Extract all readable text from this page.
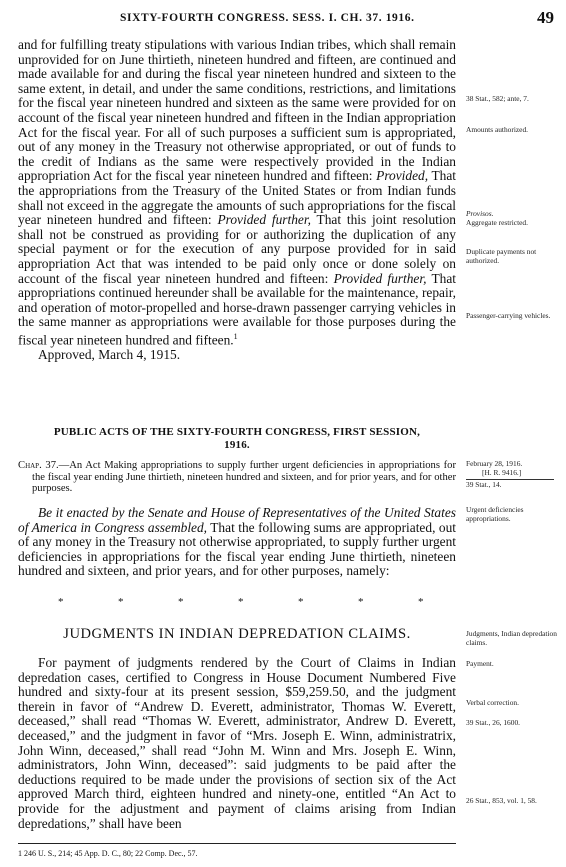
SIXTY-FOURTH CONGRESS. SESS. I. CH. 37. 1916.	49

and for fulfilling treaty stipulations with various Indian tribes, which shall remain unprovided for on June thirtieth, nineteen hundred and fifteen, are continued and made available for and during the fiscal year nineteen hundred and sixteen to the same extent, in detail, and under the same conditions, restrictions, and limitations for the fiscal year nineteen hundred and sixteen as the same were provided for on account of the fiscal year nineteen hundred and fifteen in the Indian appropriation Act for the fiscal year. For all of such purposes a sufficient sum is appropriated, out of any money in the Treasury not otherwise appropriated, or out of funds to the credit of Indians as the same were respectively provided in the Indian appropriation Act for the fiscal year nineteen hundred and fifteen: Provided, That the appropriations from the Treasury of the United States or from Indian funds shall not exceed in the aggregate the amounts of such appropriations for the fiscal year nineteen hundred and fifteen: Provided further, That this joint resolution shall not be construed as providing for or authorizing the duplication of any special payment or for the execution of any purpose provided for in said appropriation Act that was intended to be paid only once or done solely on account of the fiscal year nineteen hundred and fifteen: Provided further, That appropriations continued hereunder shall be available for the maintenance, repair, and operation of motor-propelled and horse-drawn passenger carrying vehicles in the same manner as appropriations were available for those purposes during the fiscal year nineteen hundred and fifteen.$^1$

Approved, March 4, 1915.

38 Stat., 582; ante, 7.
Amounts authorized.
Provisos.
Aggregate restricted.
Duplicate payments not authorized.
Passenger-carrying vehicles.
PUBLIC ACTS OF THE SIXTY-FOURTH CONGRESS, FIRST SESSION,
1916.
Chap. 37.—An Act Making appropriations to supply further urgent deficiencies in appropriations for the fiscal year ending June thirtieth, nineteen hundred and sixteen, and for prior years, and for other purposes.
February 28, 1916.
[H. R. 9416.]
39 Stat., 14.

Be it enacted by the Senate and House of Representatives of the United States of America in Congress assembled, That the following sums are appropriated, out of any money in the Treasury not otherwise appropriated, to supply further urgent deficiencies in appropriations for the fiscal year ending June thirtieth, nineteen hundred and sixteen, and prior years, and for other purposes, namely:

Urgent deficiencies appropriations.
*	*	*	*	*	*	*
JUDGMENTS IN INDIAN DEPREDATION CLAIMS.	Judgments, Indian depredation claims.

For payment of judgments rendered by the Court of Claims in Indian depredation cases, certified to Congress in House Document Numbered Five hundred and sixty-four at its present session, $59,259.50, and the judgment therein in favor of “Andrew D. Everett, administrator, Thomas W. Everett, deceased,” shall read “Thomas W. Everett, administrator, Andrew D. Everett, deceased,” and the judgment in favor of “Mrs. Joseph E. Winn, administratrix, John Winn, deceased,” shall read “John M. Winn and Mrs. Joseph E. Winn, administrators, John Winn, deceased”: said judgments to be paid after the deductions required to be made under the provisions of section six of the Act approved March third, eighteen hundred and ninety-one, entitled “An Act to provide for the adjustment and payment of claims arising from Indian depredations,” shall have been

Payment.
Verbal correction.
39 Stat., 26, 1600.
26 Stat., 853, vol. 1, 58.
1 246 U. S., 214; 45 App. D. C., 80; 22 Comp. Dec., 57.
